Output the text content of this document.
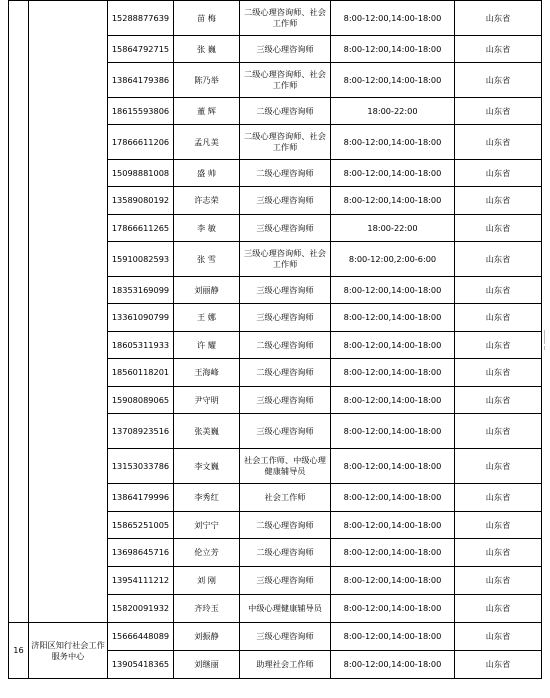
		15288877639	苗 梅	二级心理咨询师、社会工作师	8:00-12:00,14:00-18:00	山东省
		15864792715	张 巍	三级心理咨询师	8:00-12:00,14:00-18:00	山东省
		13864179386	陈乃举	二级心理咨询师、社会工作师	8:00-12:00,14:00-18:00	山东省
		18615593806	董 辉	二级心理咨询师	18:00-22:00	山东省
		17866611206	孟凡美	二级心理咨询师、社会工作师	8:00-12:00,14:00-18:00	山东省
		15098881008	盛 帅	二级心理咨询师	8:00-12:00,14:00-18:00	山东省
		13589080192	许志荣	三级心理咨询师	8:00-12:00,14:00-18:00	山东省
		17866611265	李 敏	三级心理咨询师	18:00-22:00	山东省
		15910082593	张 雪	三级心理咨询师、社会工作师	8:00-12:00,2:00-6:00	山东省
		18353169099	刘丽静	三级心理咨询师	8:00-12:00,14:00-18:00	山东省
		13361090799	王 娜	三级心理咨询师	8:00-12:00,14:00-18:00	山东省
		18605311933	许 耀	二级心理咨询师	8:00-12:00,14:00-18:00	山东省
		18560118201	王海峰	二级心理咨询师	8:00-12:00,14:00-18:00	山东省
		15908089065	尹守明	三级心理咨询师	8:00-12:00,14:00-18:00	山东省
		13708923516	张美巍	三级心理咨询师	8:00-12:00,14:00-18:00	山东省
		13153033786	李文巍	社会工作师、中级心理健康辅导员	8:00-12:00,14:00-18:00	山东省
		13864179996	李秀红	社会工作师	8:00-12:00,14:00-18:00	山东省
		15865251005	刘宁宁	二级心理咨询师	8:00-12:00,14:00-18:00	山东省
		13698645716	伦立芳	二级心理咨询师	8:00-12:00,14:00-18:00	山东省
		13954111212	刘 刚	三级心理咨询师	8:00-12:00,14:00-18:00	山东省
		15820091932	齐玲玉	中级心理健康辅导员	8:00-12:00,14:00-18:00	山东省
16	济阳区知行社会工作服务中心	15666448089	刘振静	三级心理咨询师	8:00-12:00,14:00-18:00	山东省
		13905418365	刘继丽	助理社会工作师	8:00-12:00,14:00-18:00	山东省
